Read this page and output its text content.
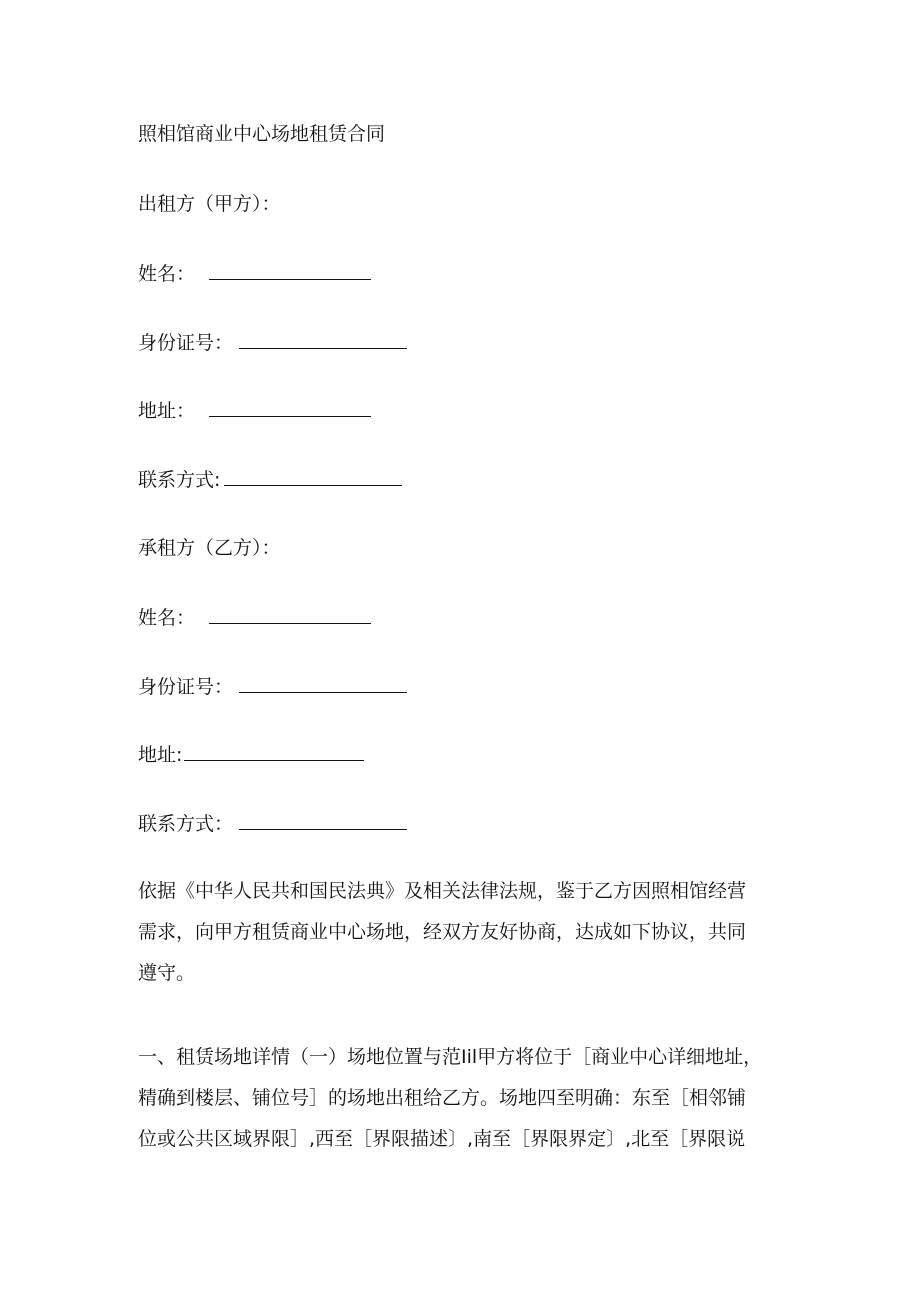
照相馆商业中心场地租赁合同
出租方（甲方）：
姓名：
身份证号：
地址：
联系方式:
承租方（乙方）：
姓名：
身份证号：
地址:
联系方式：

依据《中华人民共和国民法典》及相关法律法规，鉴于乙方因照相馆经营

需求，向甲方租赁商业中心场地，经双方友好协商，达成如下协议，共同

遵守。

一、租赁场地详情（一）场地位置与范Iil甲方将位于［商业中心详细地址，

精确到楼层、铺位号］的场地出租给乙方。场地四至明确：东至［相邻铺

位或公共区域界限］,西至［界限描述〕,南至［界限界定〕,北至［界限说
